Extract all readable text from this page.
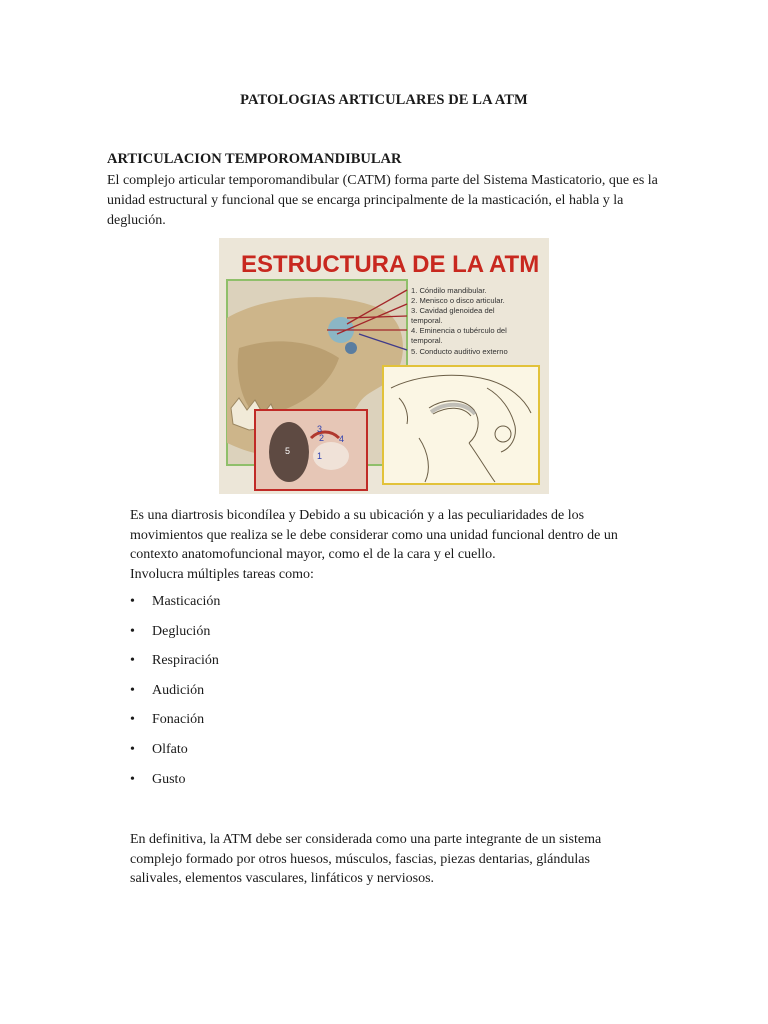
PATOLOGIAS ARTICULARES DE LA ATM
ARTICULACION TEMPOROMANDIBULAR

El complejo articular temporomandibular (CATM) forma parte del Sistema Masticatorio, que es la unidad estructural y funcional que se encarga principalmente de la masticación, el habla y la deglución.

ESTRUCTURA DE LA ATM
1. Cóndilo mandibular.
2. Menisco o disco articular.
3. Cavidad glenoidea del
temporal.
4. Eminencia o tubérculo del
temporal.
5. Conducto auditivo externo
3
2 4
5	1

Es una diartrosis bicondílea y Debido a su ubicación y a las peculiaridades de los
movimientos que realiza se le debe considerar como una unidad funcional dentro de un
contexto anatomofuncional mayor, como el de la cara y el cuello.
Involucra múltiples tareas como:

• Masticación
• Deglución
• Respiración
• Audición
• Fonación
• Olfato
• Gusto

En definitiva, la ATM debe ser considerada como una parte integrante de un sistema
complejo formado por otros huesos, músculos, fascias, piezas dentarias, glándulas
salivales, elementos vasculares, linfáticos y nerviosos.
